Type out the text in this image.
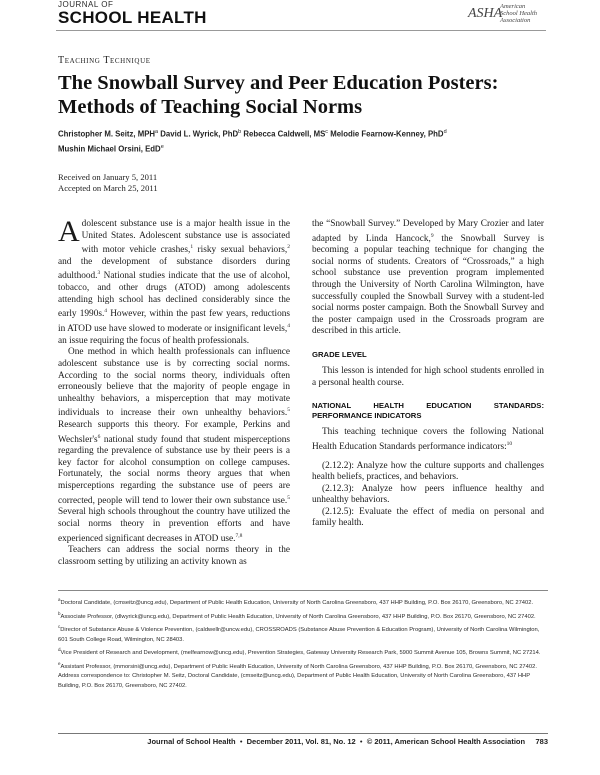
JOURNAL OF
SCHOOL HEALTH	ASHA
American
School Health
Association
Teaching Technique
The Snowball Survey and Peer Education Posters: Methods of Teaching Social Norms
Christopher M. Seitz, MPH$^a$ David L. Wyrick, PhD$^b$ Rebecca Caldwell, $MS^c$ Melodie Fearnow-Kenney, PhD$^d$
Mushin Michael Orsini, EdD$^e$
Received on January 5, 2011
Accepted on March 25, 2011

Adolescent substance use is a major health issue in the United States. Adolescent substance use is associated with motor vehicle crashes,$^1$ risky sexual behaviors,$^2$ and the development of substance disorders during adulthood.$^3$ National studies indicate that the use of alcohol, tobacco, and other drugs (ATOD) among adolescents attending high school has declined considerably since the early 1990s.$^4$ However, within the past few years, reductions in ATOD use have slowed to moderate or insignificant levels,$^4$ an issue requiring the focus of health professionals.

One method in which health professionals can influence adolescent substance use is by correcting social norms. According to the social norms theory, individuals often erroneously believe that the majority of people engage in unhealthy behaviors, a misperception that may motivate individuals to increase their own unhealthy behaviors.$^5$ Research supports this theory. For example, Perkins and $Wechsler's^6$ national study found that student misperceptions regarding the prevalence of substance use by their peers is a key factor for alcohol consumption on college campuses. Fortunately, the social norms theory argues that when misperceptions regarding the substance use of peers are corrected, people will tend to lower their own substance use.$^5$ Several high schools throughout the country have utilized the social norms theory in prevention efforts and have experienced significant decreases in ATOD use.$^{7,8}$

Teachers can address the social norms theory in the classroom setting by utilizing an activity known as

the “Snowball Survey.” Developed by Mary Crozier and later adapted by Linda Hancock,$^9$ the Snowball Survey is becoming a popular teaching technique for changing the social norms of students. Creators of “Crossroads,” a high school substance use prevention program implemented through the University of North Carolina Wilmington, have successfully coupled the Snowball Survey with a student-led social norms poster campaign. Both the Snowball Survey and the poster campaign used in the Crossroads program are described in this article.

GRADE LEVEL

This lesson is intended for high school students enrolled in a personal health course.

NATIONAL HEALTH EDUCATION STANDARDS: PERFORMANCE INDICATORS

This teaching technique covers the following National Health Education Standards performance indicators:$^{10}$

(2.12.2): Analyze how the culture supports and challenges health beliefs, practices, and behaviors.

(2.12.3): Analyze how peers influence healthy and unhealthy behaviors.

(2.12.5): Evaluate the effect of media on personal and family health.

$^a$Doctoral Candidate, (cmseitz@uncg.edu), Department of Public Health Education, University of North Carolina Greensboro, 437 HHP Building, P.O. Box 26170, Greensboro, NC 27402.
$^b$Associate Professor, (dlwyrick@uncg.edu), Department of Public Health Education, University of North Carolina Greensboro, 437 HHP Building, P.O. Box 26170, Greensboro, NC 27402.
$^c$Director of Substance Abuse & Violence Prevention, (caldwellr@uncw.edu), CROSSROADS (Substance Abuse Prevention & Education Program), University of North Carolina Wilmington, 601 South College Road, Wilmington, NC 28403.
$^d$Vice President of Research and Development, (melfearnow@uncg.edu), Prevention Strategies, Gateway University Research Park, 5900 Summit Avenue 105, Browns Summit, NC 27214.
$^e$Assistant Professor, (mmorsini@uncg.edu), Department of Public Health Education, University of North Carolina Greensboro, 437 HHP Building, P.O. Box 26170, Greensboro, NC 27402.
Address correspondence to: Christopher M. Seitz, Doctoral Candidate, (cmseitz@uncg.edu), Department of Public Health Education, University of North Carolina Greensboro, 437 HHP Building, P.O. Box 26170, Greensboro, NC 27402.
Journal of School Health • December 2011, Vol. 81, No. 12 • © 2011, American School Health Association 783
